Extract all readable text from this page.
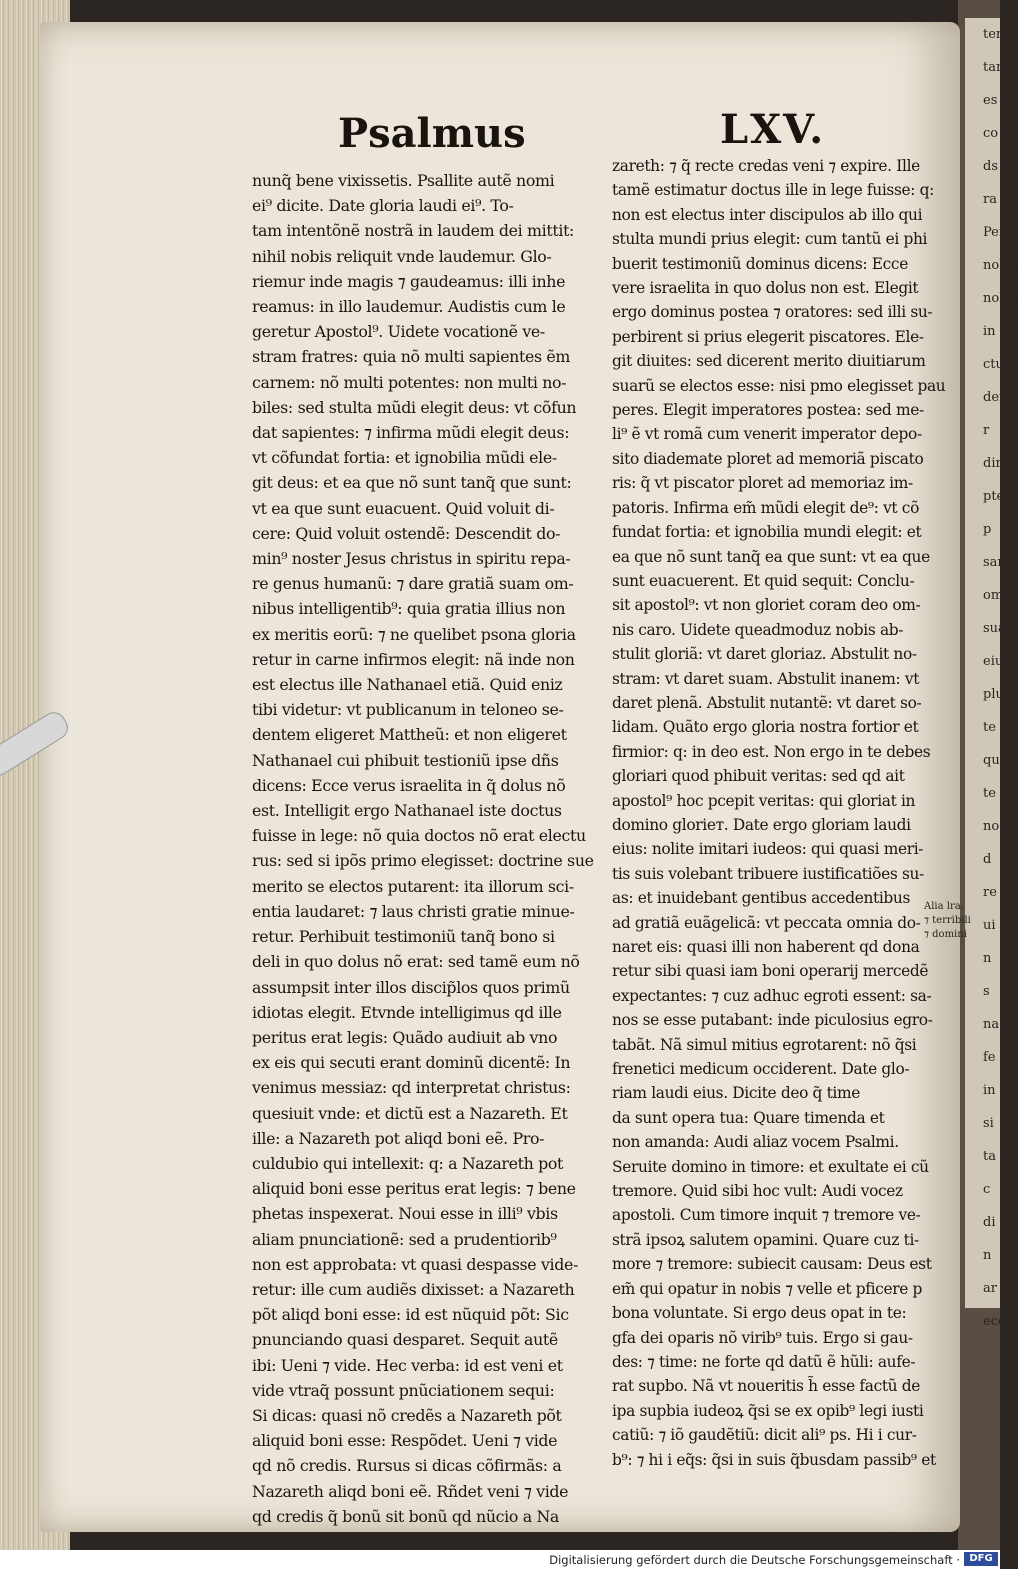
tem
tar
es o
co
ds
ra
Pen
nobis
nobis
in
ctu
dem
r
diris
pter
p
sanc
om
sua
eius
pluri
te
qui
te
no
d
re
ui
n
s
na
fe
in
si
ta
c
di
n
ar
ecch
Psalmus	LXV.
nunq̃ bene vixissetis. Psallite autẽ nomi
ei⁹ dicite. Date gloria laudi ei⁹. To-
tam intentõnẽ nostrã in laudem dei mittit:
nihil nobis reliquit vnde laudemur. Glo-
riemur inde magis ⁊ gaudeamus: illi inhe
reamus: in illo laudemur. Audistis cum le
geretur Apostol⁹. Uidete vocationẽ ve-
stram fratres: quia nõ multi sapientes ẽm
carnem: nõ multi potentes: non multi no-
biles: sed stulta mũdi elegit deus: vt cõfun
dat sapientes: ⁊ infirma mũdi elegit deus:
vt cõfundat fortia: et ignobilia mũdi ele-
git deus: et ea que nõ sunt tanq̃ que sunt:
vt ea que sunt euacuent. Quid voluit di-
cere: Quid voluit ostendẽ: Descendit do-
min⁹ noster Jesus christus in spiritu repa-
re genus humanũ: ⁊ dare gratiã suam om-
nibus intelligentib⁹: quia gratia illius non
ex meritis eorũ: ⁊ ne quelibet psona gloria
retur in carne infirmos elegit: nã inde non
est electus ille Nathanael etiã. Quid eniz
tibi videtur: vt publicanum in teloneo se-
dentem eligeret Mattheũ: et non eligeret
Nathanael cui phibuit testioniũ ipse dñs
dicens: Ecce verus israelita in q̃ dolus nõ
est. Intelligit ergo Nathanael iste doctus
fuisse in lege: nõ quia doctos nõ erat electu
rus: sed si ipõs primo elegisset: doctrine sue
merito se electos putarent: ita illorum sci-
entia laudaret: ⁊ laus christi gratie minue-
retur. Perhibuit testimoniũ tanq̃ bono si
deli in quo dolus nõ erat: sed tamẽ eum nõ
assumpsit inter illos discip̃los quos primũ
idiotas elegit. Etvnde intelligimus qd ille
peritus erat legis: Quãdo audiuit ab vno
ex eis qui secuti erant dominũ dicentẽ: In
venimus messiaz: qd interpretat christus:
quesiuit vnde: et dictũ est a Nazareth. Et
ille: a Nazareth pot aliqd boni eẽ. Pro-
culdubio qui intellexit: q: a Nazareth pot
aliquid boni esse peritus erat legis: ⁊ bene
phetas inspexerat. Noui esse in illi⁹ vbis
aliam pnunciationẽ: sed a prudentiorib⁹
non est approbata: vt quasi despasse vide-
retur: ille cum audiẽs dixisset: a Nazareth
põt aliqd boni esse: id est nũquid põt: Sic
pnunciando quasi desparet. Sequit autẽ
ibi: Ueni ⁊ vide. Hec verba: id est veni et
vide vtraq̃ possunt pnũciationem sequi:
Si dicas: quasi nõ credẽs a Nazareth põt
aliquid boni esse: Respõdet. Ueni ⁊ vide
qd nõ credis. Rursus si dicas cõfirmãs: a
Nazareth aliqd boni eẽ. Rñdet veni ⁊ vide
qd credis q̃ bonũ sit bonũ qd nũcio a Na
zareth: ⁊ q̃ recte credas veni ⁊ expire. Ille
tamẽ estimatur doctus ille in lege fuisse: q:
non est electus inter discipulos ab illo qui
stulta mundi prius elegit: cum tantũ ei phi
buerit testimoniũ dominus dicens: Ecce
vere israelita in quo dolus non est. Elegit
ergo dominus postea ⁊ oratores: sed illi su-
perbirent si prius elegerit piscatores. Ele-
git diuites: sed dicerent merito diuitiarum
suarũ se electos esse: nisi pmo elegisset pau
peres. Elegit imperatores postea: sed me-
li⁹ ẽ vt romã cum venerit imperator depo-
sito diademate ploret ad memoriã piscato
ris: q̃ vt piscator ploret ad memoriaz im-
patoris. Infirma em̃ mũdi elegit de⁹: vt cõ
fundat fortia: et ignobilia mundi elegit: et
ea que nõ sunt tanq̃ ea que sunt: vt ea que
sunt euacuerent. Et quid sequit: Conclu-
sit apostol⁹: vt non gloriet coram deo om-
nis caro. Uidete queadmoduz nobis ab-
stulit gloriã: vt daret gloriaz. Abstulit no-
stram: vt daret suam. Abstulit inanem: vt
daret plenã. Abstulit nutantẽ: vt daret so-
lidam. Quãto ergo gloria nostra fortior et
firmior: q: in deo est. Non ergo in te debes
gloriari quod phibuit veritas: sed qd ait
apostol⁹ hoc pcepit veritas: qui gloriat in
domino glorieт. Date ergo gloriam laudi
eius: nolite imitari iudeos: qui quasi meri-
tis suis volebant tribuere iustificatiões su-
as: et inuidebant gentibus accedentibus
ad gratiã euãgelicã: vt peccata omnia do-
naret eis: quasi illi non haberent qd dona
retur sibi quasi iam boni operarij mercedẽ
expectantes: ⁊ cuz adhuc egroti essent: sa-
nos se esse putabant: inde piculosius egro-
tabãt. Nã simul mitius egrotarent: nõ q̃si
frenetici medicum occiderent. Date glo-
riam laudi eius. Dicite deo q̃ time
da sunt opera tua: Quare timenda et
non amanda: Audi aliaz vocem Psalmi.
Seruite domino in timore: et exultate ei cũ
tremore. Quid sibi hoc vult: Audi vocez
apostoli. Cum timore inquit ⁊ tremore ve-
strã ipsoꝝ salutem opamini. Quare cuz ti-
more ⁊ tremore: subiecit causam: Deus est
em̃ qui opatur in nobis ⁊ velle et pficere p
bona voluntate. Si ergo deus opat in te:
gfa dei oparis nõ virib⁹ tuis. Ergo si gau-
des: ⁊ time: ne forte qd datũ ẽ hũli: aufe-
rat supbo. Nã vt noueritis h̃ esse factũ de
ipa supbia iudeoꝝ q̃si se ex opib⁹ legi iusti
catiũ: ⁊ iõ gaudẽtiũ: dicit ali⁹ ps. Hi i cur-
b⁹: ⁊ hi i eq̃s: q̃si in suis q̃busdam passib⁹ et
Alia lra.
⁊ terribili
⁊ domini
Digitalisierung gefördert durch die Deutsche Forschungsgemeinschaft · DFG
